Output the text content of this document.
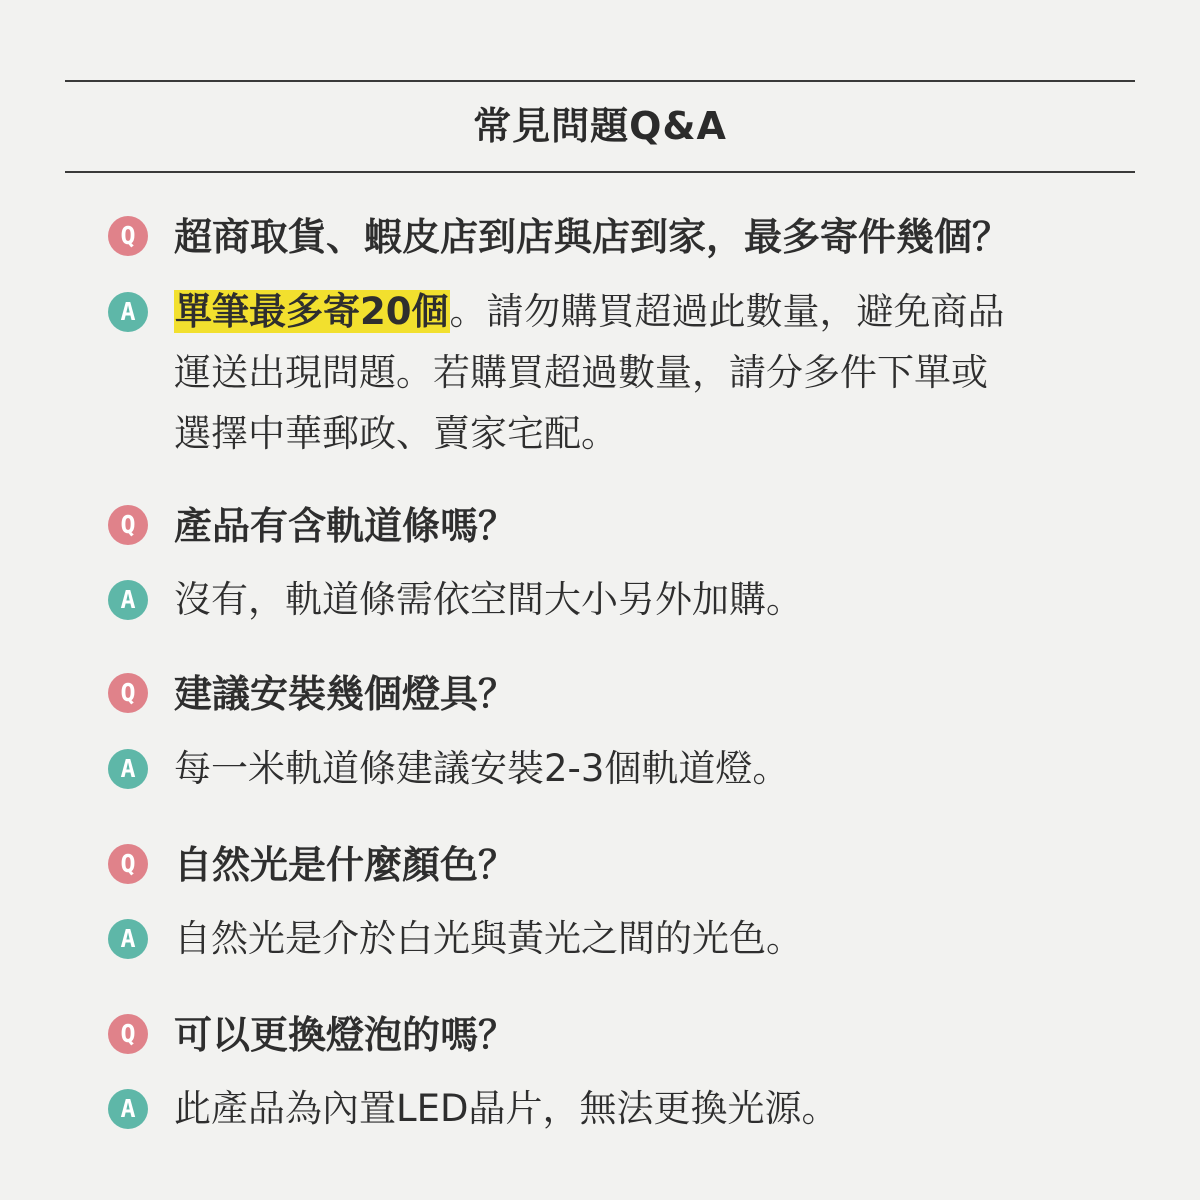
常見問題Q&A
Q	超商取貨、蝦皮店到店與店到家，最多寄件幾個？
A	單筆最多寄20個。請勿購買超過此數量，避免商品
運送出現問題。若購買超過數量，請分多件下單或
選擇中華郵政、賣家宅配。
Q	產品有含軌道條嗎？
A	沒有，軌道條需依空間大小另外加購。
Q	建議安裝幾個燈具？
A	每一米軌道條建議安裝2-3個軌道燈。
Q	自然光是什麼顏色？
A	自然光是介於白光與黃光之間的光色。
Q	可以更換燈泡的嗎？
A	此產品為內置LED晶片，無法更換光源。
